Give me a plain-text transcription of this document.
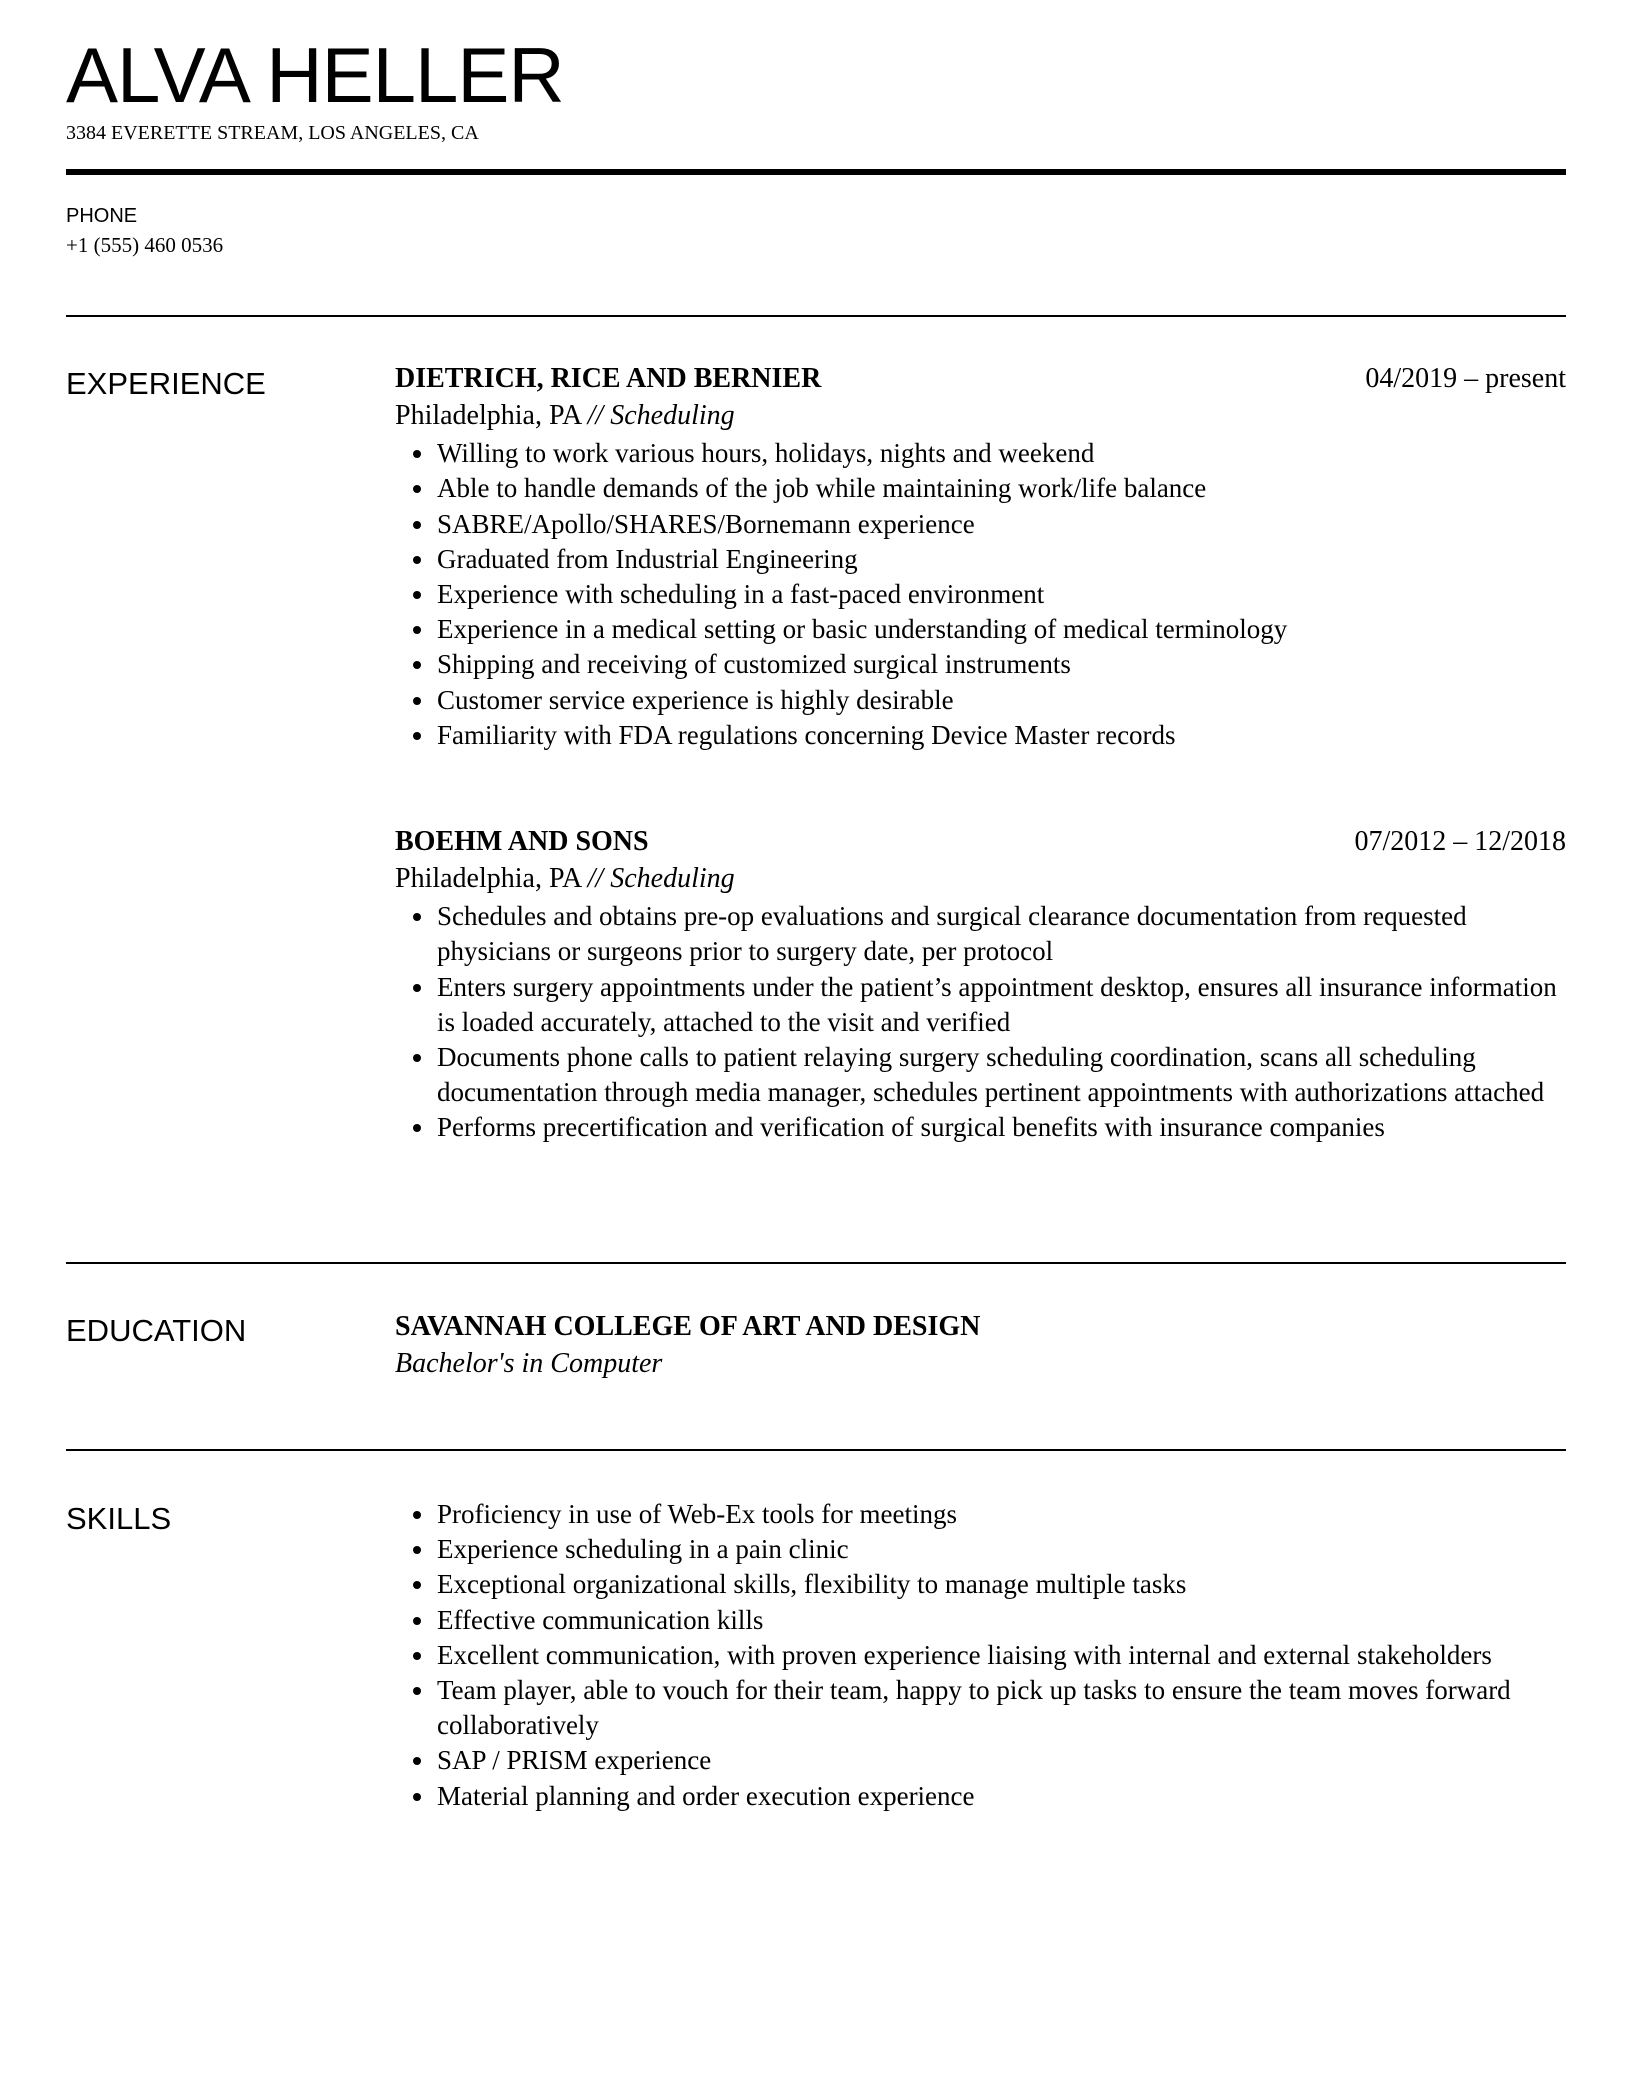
ALVA HELLER
3384 EVERETTE STREAM, LOS ANGELES, CA
PHONE
+1 (555) 460 0536
EXPERIENCE	DIETRICH, RICE AND BERNIER	04/2019 – present
Philadelphia, PA // Scheduling
Willing to work various hours, holidays, nights and weekend
Able to handle demands of the job while maintaining work/life balance
SABRE/Apollo/SHARES/Bornemann experience
Graduated from Industrial Engineering
Experience with scheduling in a fast-paced environment
Experience in a medical setting or basic understanding of medical terminology
Shipping and receiving of customized surgical instruments
Customer service experience is highly desirable
Familiarity with FDA regulations concerning Device Master records
BOEHM AND SONS	07/2012 – 12/2018
Philadelphia, PA // Scheduling
Schedules and obtains pre-op evaluations and surgical clearance documentation from requested physicians or surgeons prior to surgery date, per protocol
Enters surgery appointments under the patient’s appointment desktop, ensures all insurance information is loaded accurately, attached to the visit and verified
Documents phone calls to patient relaying surgery scheduling coordination, scans all scheduling documentation through media manager, schedules pertinent appointments with authorizations attached
Performs precertification and verification of surgical benefits with insurance companies
EDUCATION	SAVANNAH COLLEGE OF ART AND DESIGN
Bachelor's in Computer
SKILLS	Proficiency in use of Web-Ex tools for meetings
Experience scheduling in a pain clinic
Exceptional organizational skills, flexibility to manage multiple tasks
Effective communication kills
Excellent communication, with proven experience liaising with internal and external stakeholders
Team player, able to vouch for their team, happy to pick up tasks to ensure the team moves forward collaboratively
SAP / PRISM experience
Material planning and order execution experience
